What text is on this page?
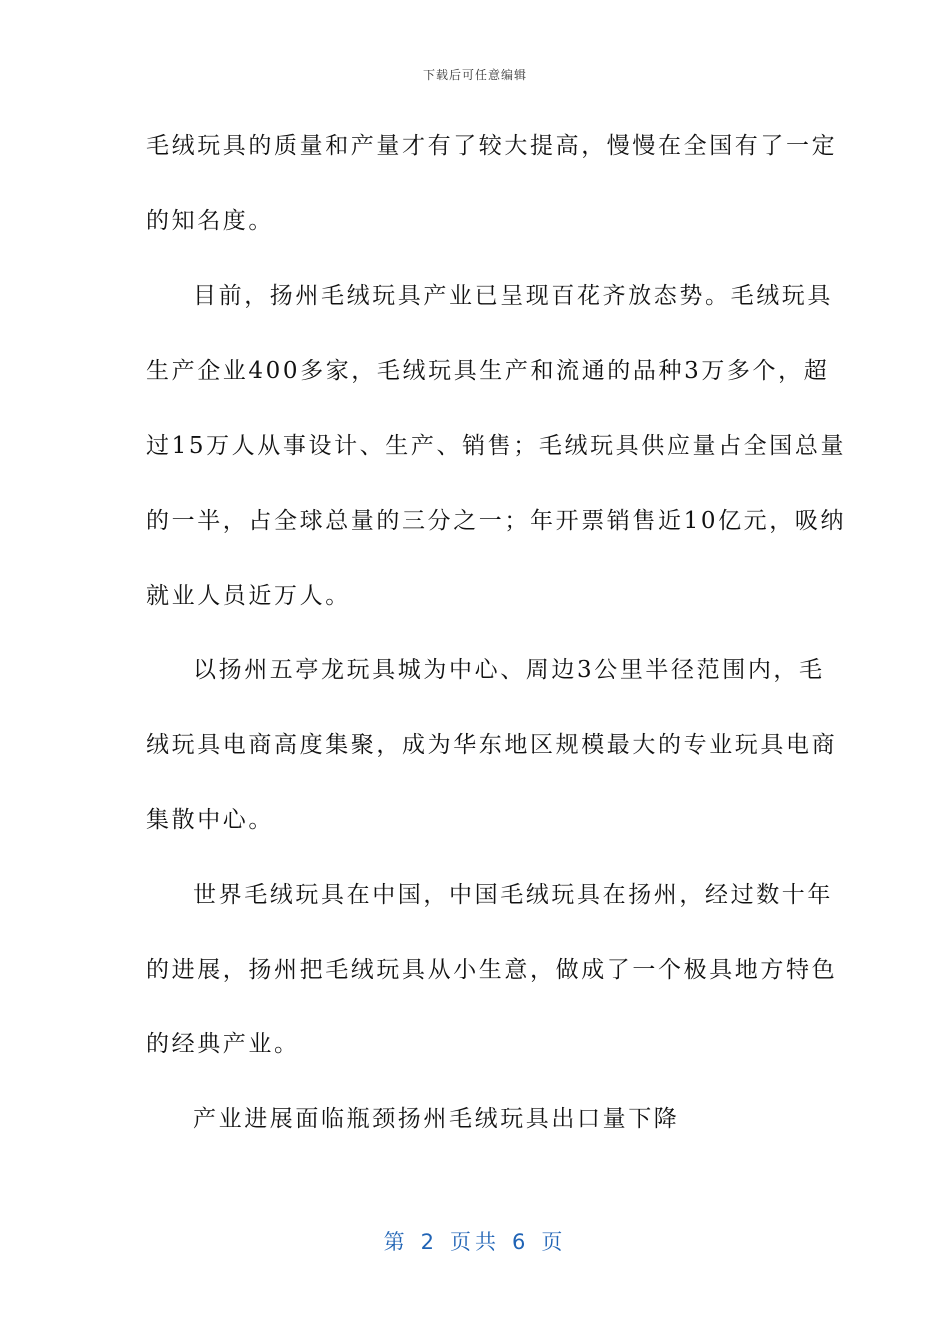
下载后可任意编辑
毛绒玩具的质量和产量才有了较大提高，慢慢在全国有了一定
的知名度。
目前，扬州毛绒玩具产业已呈现百花齐放态势。毛绒玩具
生产企业400多家，毛绒玩具生产和流通的品种3万多个，超
过15万人从事设计、生产、销售；毛绒玩具供应量占全国总量
的一半，占全球总量的三分之一；年开票销售近10亿元，吸纳
就业人员近万人。
以扬州五亭龙玩具城为中心、周边3公里半径范围内，毛
绒玩具电商高度集聚，成为华东地区规模最大的专业玩具电商
集散中心。
世界毛绒玩具在中国，中国毛绒玩具在扬州，经过数十年
的进展，扬州把毛绒玩具从小生意，做成了一个极具地方特色
的经典产业。
产业进展面临瓶颈扬州毛绒玩具出口量下降
第 2 页共 6 页
